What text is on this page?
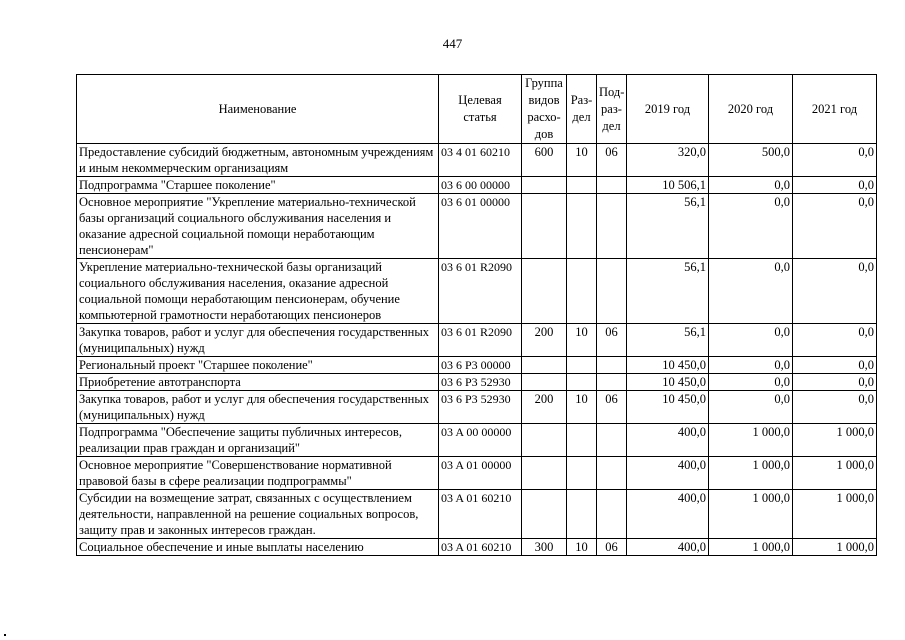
447
Наименование	Целевая статья	Группа видов расхо-дов	Раз-дел	Под-раз-дел	2019 год	2020 год	2021 год
Предоставление субсидий бюджетным, автономным учреждениям и иным некоммерческим организациям	03 4 01 60210	600	10	06	320,0	500,0	0,0
Подпрограмма "Старшее поколение"	03 6 00 00000				10 506,1	0,0	0,0
Основное мероприятие "Укрепление материально-технической базы организаций социального обслуживания населения и оказание адресной социальной помощи неработающим пенсионерам"	03 6 01 00000				56,1	0,0	0,0
Укрепление материально-технической базы организаций социального обслуживания населения, оказание адресной социальной помощи неработающим пенсионерам, обучение компьютерной грамотности неработающих пенсионеров	03 6 01 R2090				56,1	0,0	0,0
Закупка товаров, работ и услуг для обеспечения государственных (муниципальных) нужд	03 6 01 R2090	200	10	06	56,1	0,0	0,0
Региональный проект "Старшее поколение"	03 6 P3 00000				10 450,0	0,0	0,0
Приобретение автотранспорта	03 6 P3 52930				10 450,0	0,0	0,0
Закупка товаров, работ и услуг для обеспечения государственных (муниципальных) нужд	03 6 P3 52930	200	10	06	10 450,0	0,0	0,0
Подпрограмма "Обеспечение защиты публичных интересов, реализации прав граждан и организаций"	03 A 00 00000				400,0	1 000,0	1 000,0
Основное мероприятие "Совершенствование нормативной правовой базы в сфере реализации подпрограммы"	03 A 01 00000				400,0	1 000,0	1 000,0
Субсидии на возмещение затрат, связанных с осуществлением деятельности, направленной на решение социальных вопросов, защиту прав и законных интересов граждан.	03 A 01 60210				400,0	1 000,0	1 000,0
Социальное обеспечение и иные выплаты населению	03 A 01 60210	300	10	06	400,0	1 000,0	1 000,0
